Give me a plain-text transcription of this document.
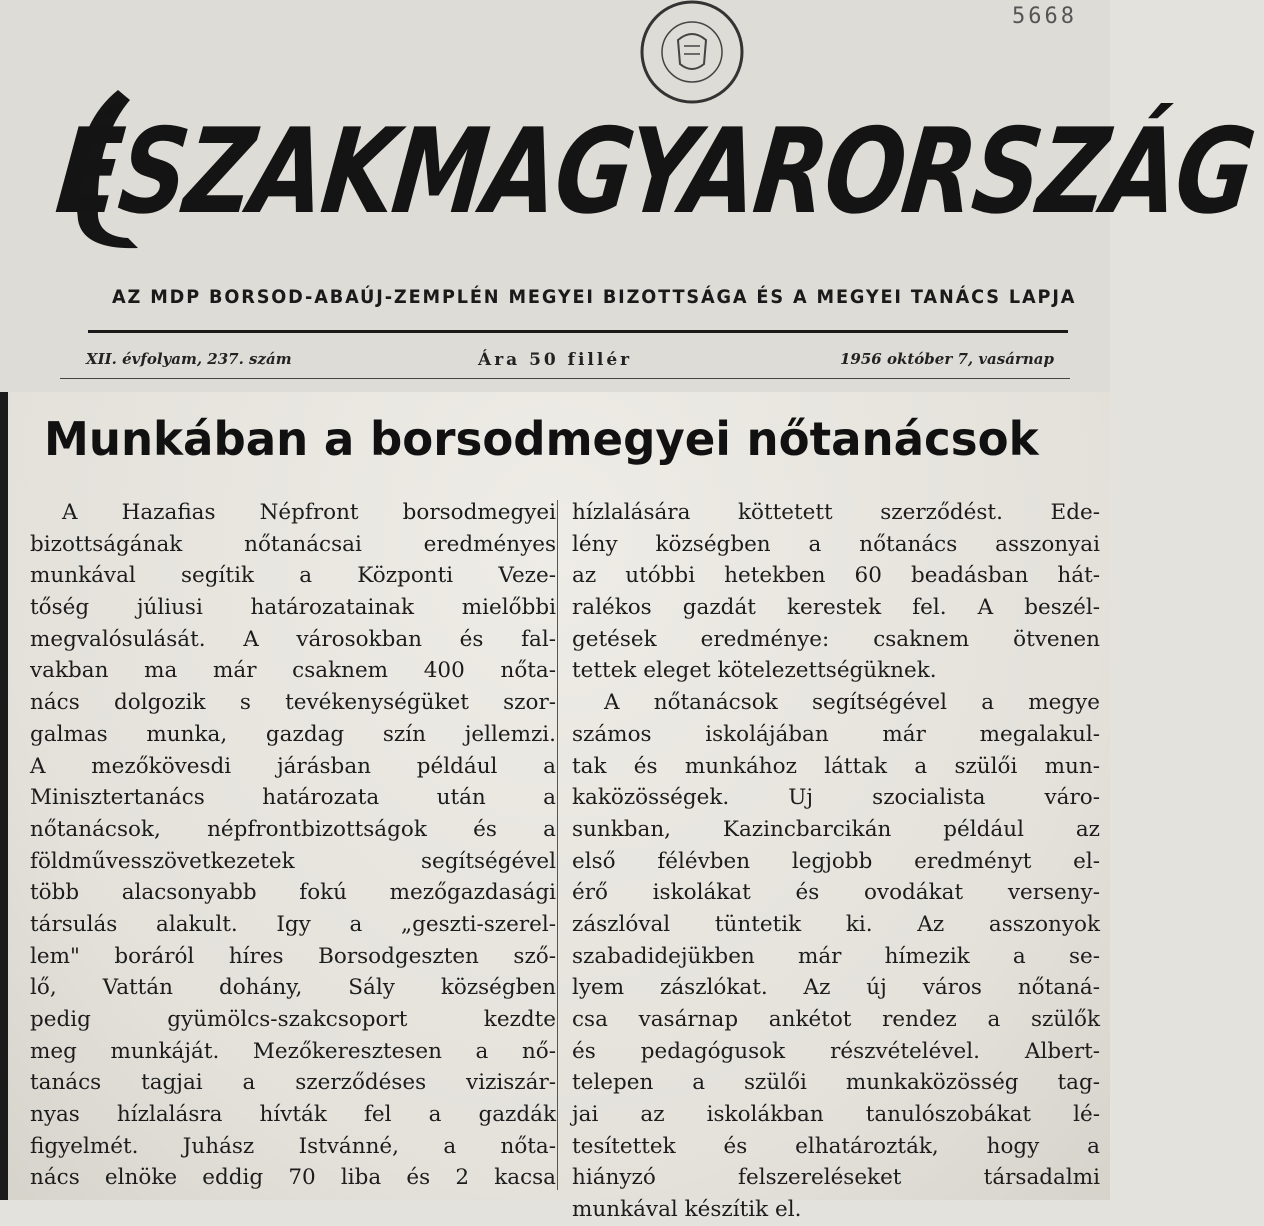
ÉSZAKMAGYARORSZÁG
5668
AZ MDP BORSOD-ABAÚJ-ZEMPLÉN MEGYEI BIZOTTSÁGA ÉS A MEGYEI TANÁCS LAPJA
XII. évfolyam, 237. szám	Ára 50 fillér	1956 október 7, vasárnap
Munkában a borsodmegyei nőtanácsok
A Hazafias Népfront borsodmegyei
bizottságának nőtanácsai eredményes
munkával segítik a Központi Veze-
tőség júliusi határozatainak mielőbbi
megvalósulását. A városokban és fal-
vakban ma már csaknem 400 nőta-
nács dolgozik s tevékenységüket szor-
galmas munka, gazdag szín jellemzi.
A mezőkövesdi járásban például a
Minisztertanács határozata után a
nőtanácsok, népfrontbizottságok és a
földművesszövetkezetek segítségével
több alacsonyabb fokú mezőgazdasági
társulás alakult. Igy a „geszti-szerel-
lem" boráról híres Borsodgeszten sző-
lő, Vattán dohány, Sály községben
pedig gyümölcs-szakcsoport kezdte
meg munkáját. Mezőkeresztesen a nő-
tanács tagjai a szerződéses viziszár-
nyas hízlalásra hívták fel a gazdák
figyelmét. Juhász Istvánné, a nőta-
nács elnöke eddig 70 liba és 2 kacsa
hízlalására köttetett szerződést. Ede-
lény községben a nőtanács asszonyai
az utóbbi hetekben 60 beadásban hát-
ralékos gazdát kerestek fel. A beszél-
getések eredménye: csaknem ötvenen
tettek eleget kötelezettségüknek.
A nőtanácsok segítségével a megye
számos iskolájában már megalakul-
tak és munkához láttak a szülői mun-
kaközösségek. Uj szocialista váro-
sunkban, Kazincbarcikán például az
első félévben legjobb eredményt el-
érő iskolákat és ovodákat verseny-
zászlóval tüntetik ki. Az asszonyok
szabadidejükben már hímezik a se-
lyem zászlókat. Az új város nőtaná-
csa vasárnap ankétot rendez a szülők
és pedagógusok részvételével. Albert-
telepen a szülői munkaközösség tag-
jai az iskolákban tanulószobákat lé-
tesítettek és elhatározták, hogy a
hiányzó felszereléseket társadalmi
munkával készítik el.
